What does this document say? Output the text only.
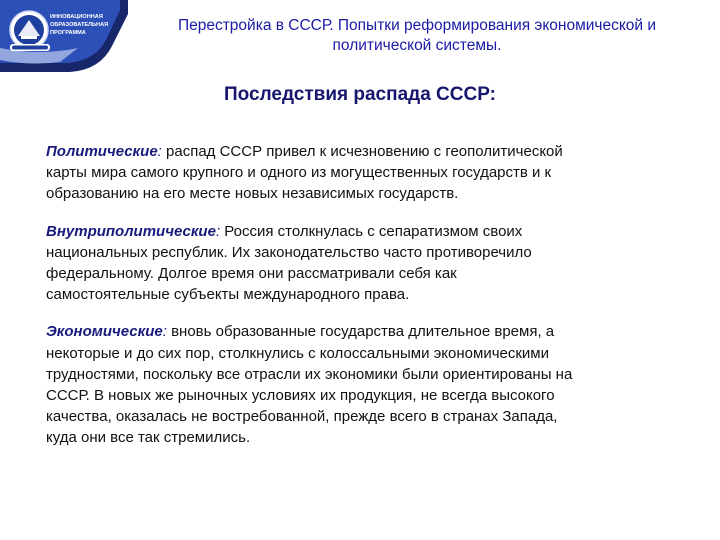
ИННОВАЦИОННАЯ
ОБРАЗОВАТЕЛЬНАЯ
ПРОГРАММА	Перестройка в СССР. Попытки реформирования экономической и
политической системы.
Последствия распада СССР:
Политические: распад СССР привел к исчезновению с геополитической
карты мира самого крупного и одного из могущественных государств и к
образованию на его месте новых независимых государств.
Внутриполитические: Россия столкнулась с сепаратизмом своих
национальных республик. Их законодательство часто противоречило
федеральному. Долгое время они рассматривали себя как
самостоятельные субъекты международного права.
Экономические: вновь образованные государства длительное время, а
некоторые и до сих пор, столкнулись с колоссальными экономическими
трудностями, поскольку все отрасли их экономики были ориентированы на
СССР. В новых же рыночных условиях их продукция, не всегда высокого
качества, оказалась не востребованной, прежде всего в странах Запада,
куда они все так стремились.
